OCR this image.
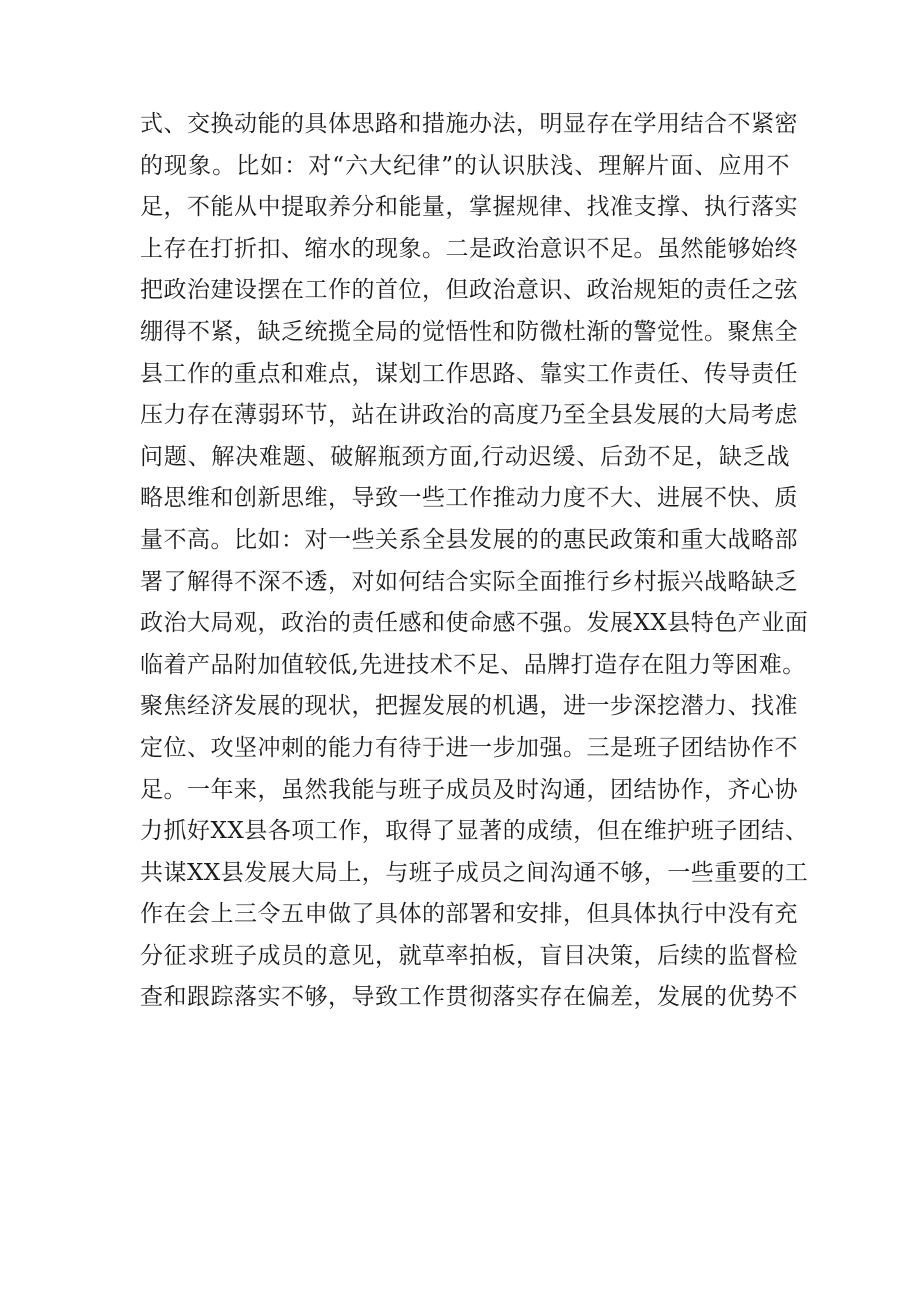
式、交换动能的具体思路和措施办法，明显存在学用结合不紧密
的现象。比如：对“六大纪律”的认识肤浅、理解片面、应用不
足，不能从中提取养分和能量，掌握规律、找准支撑、执行落实
上存在打折扣、缩水的现象。二是政治意识不足。虽然能够始终
把政治建设摆在工作的首位，但政治意识、政治规矩的责任之弦
绷得不紧，缺乏统揽全局的觉悟性和防微杜渐的警觉性。聚焦全
县工作的重点和难点，谋划工作思路、靠实工作责任、传导责任
压力存在薄弱环节，站在讲政治的高度乃至全县发展的大局考虑
问题、解决难题、破解瓶颈方面,行动迟缓、后劲不足，缺乏战
略思维和创新思维，导致一些工作推动力度不大、进展不快、质
量不高。比如：对一些关系全县发展的的惠民政策和重大战略部
署了解得不深不透，对如何结合实际全面推行乡村振兴战略缺乏
政治大局观，政治的责任感和使命感不强。发展XX县特色产业面
临着产品附加值较低,先进技术不足、品牌打造存在阻力等困难。
聚焦经济发展的现状，把握发展的机遇，进一步深挖潜力、找准
定位、攻坚冲刺的能力有待于进一步加强。三是班子团结协作不
足。一年来，虽然我能与班子成员及时沟通，团结协作，齐心协
力抓好XX县各项工作，取得了显著的成绩，但在维护班子团结、
共谋XX县发展大局上，与班子成员之间沟通不够，一些重要的工
作在会上三令五申做了具体的部署和安排，但具体执行中没有充
分征求班子成员的意见，就草率拍板，盲目决策，后续的监督检
查和跟踪落实不够，导致工作贯彻落实存在偏差，发展的优势不
